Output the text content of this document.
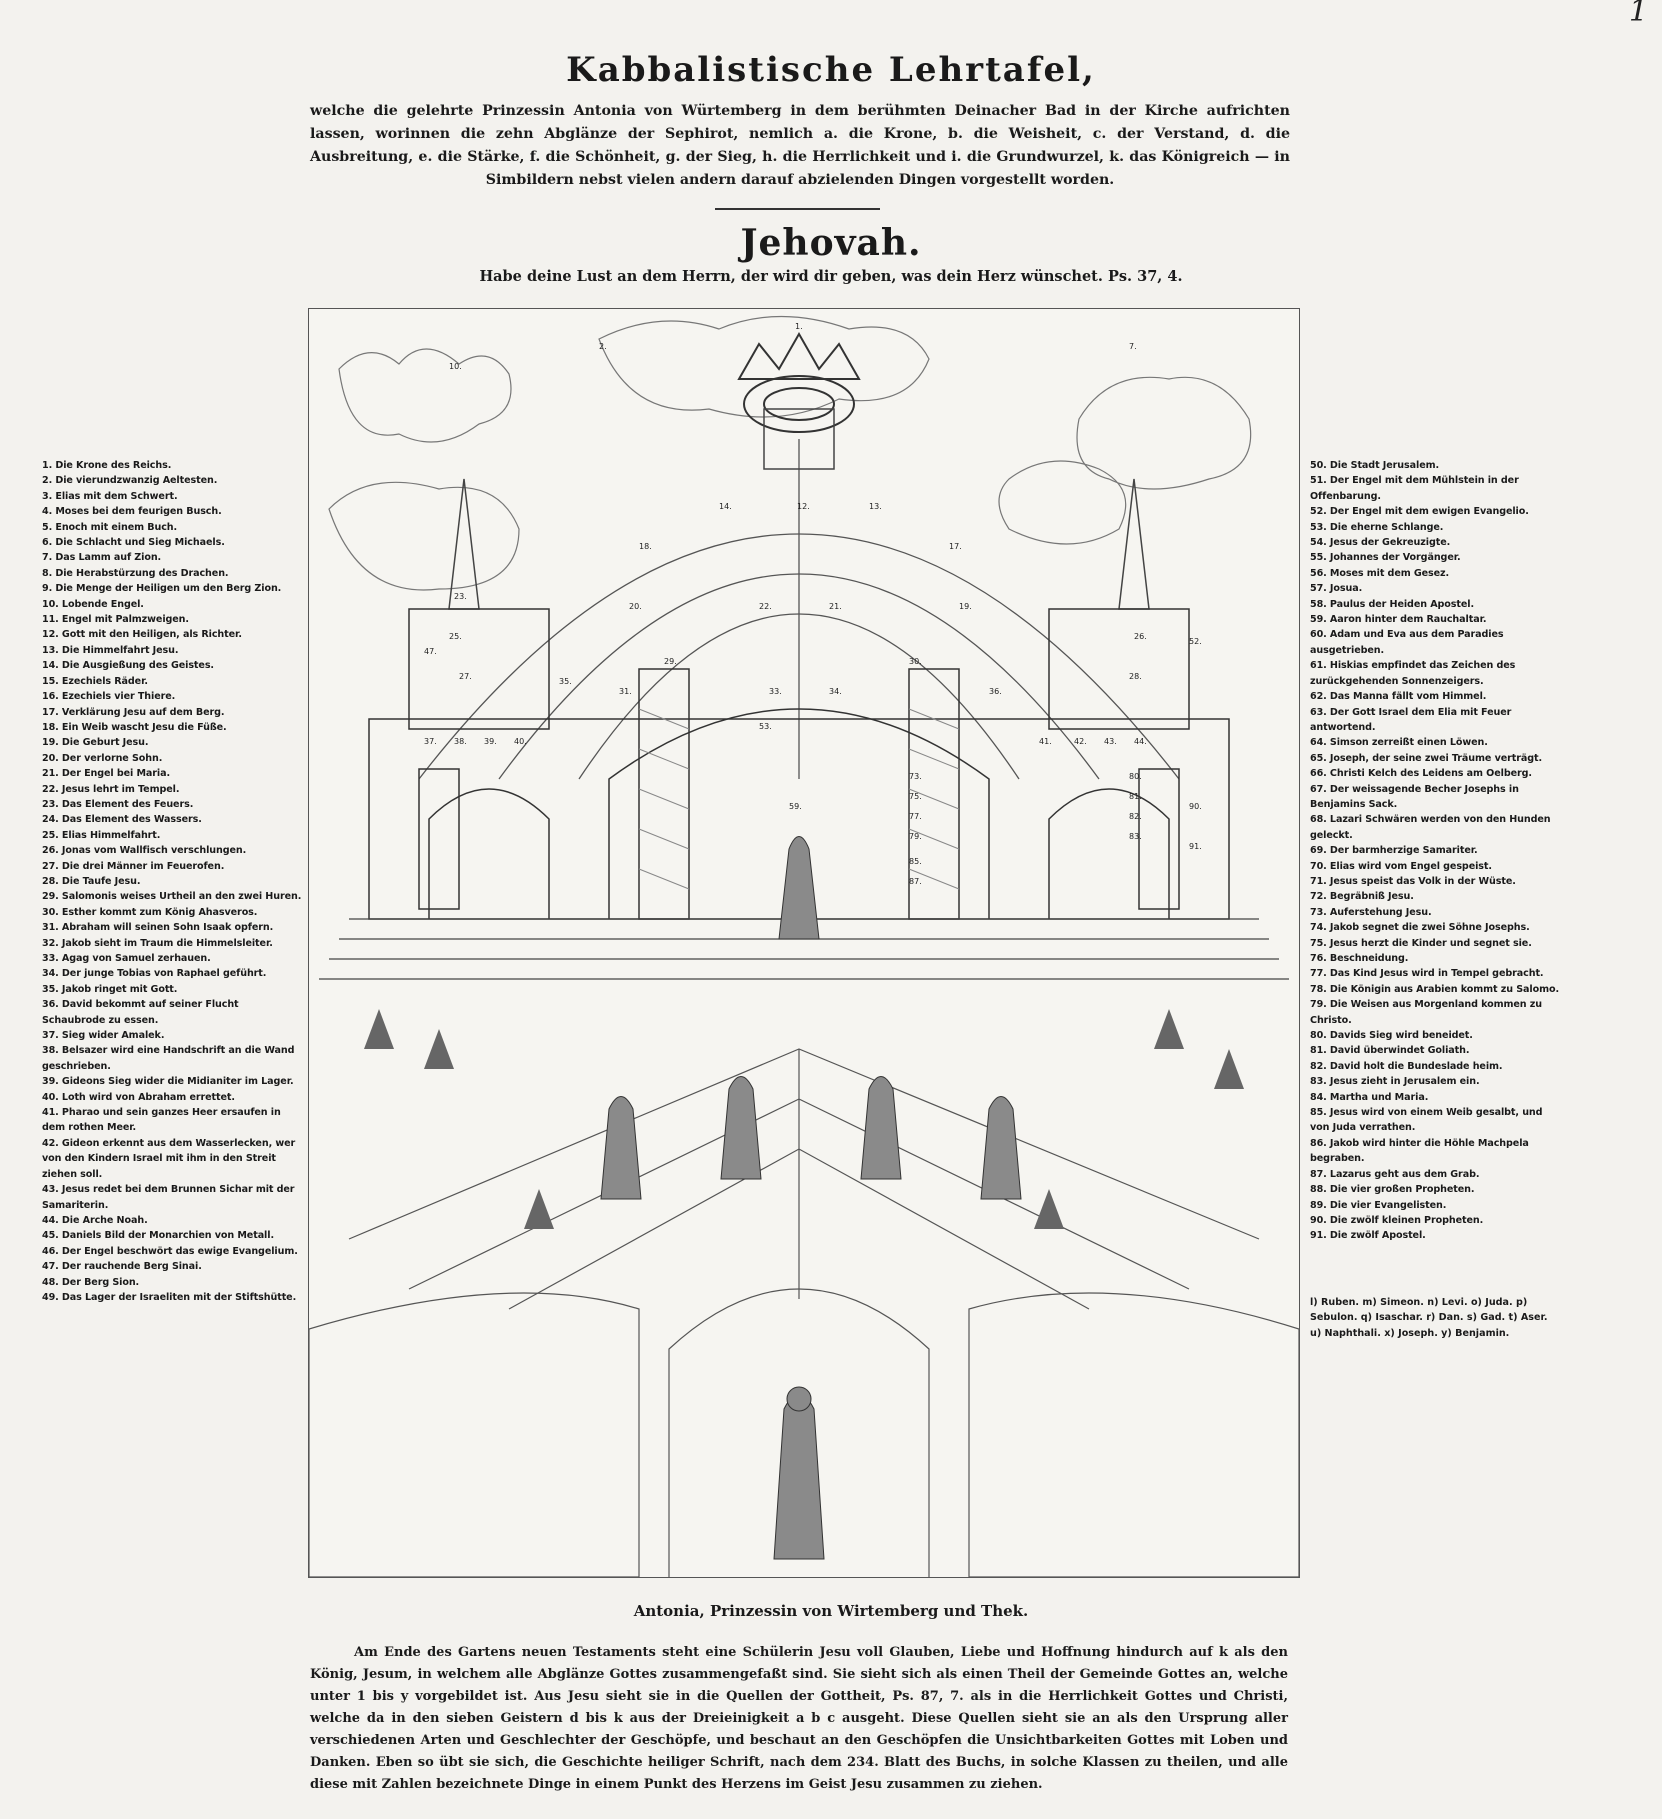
1
Kabbalistische Lehrtafel,
welche die gelehrte Prinzessin Antonia von Würtemberg in dem berühmten Deinacher Bad in der Kirche aufrichten lassen, worinnen die zehn Abglänze der Sephirot, nemlich a. die Krone, b. die Weisheit, c. der Verstand, d. die Ausbreitung, e. die Stärke, f. die Schönheit, g. der Sieg, h. die Herrlichkeit und i. die Grundwurzel, k. das Königreich — in Simbildern nebst vielen andern darauf abzielenden Dingen vorgestellt worden.
Jehovah.
Habe deine Lust an dem Herrn, der wird dir geben, was dein Herz wünschet. Ps. 37, 4.
1. Die Krone des Reichs.
2. Die vierundzwanzig Aeltesten.
3. Elias mit dem Schwert.
4. Moses bei dem feurigen Busch.
5. Enoch mit einem Buch.
6. Die Schlacht und Sieg Michaels.
7. Das Lamm auf Zion.
8. Die Herabstürzung des Drachen.
9. Die Menge der Heiligen um den Berg Zion.
10. Lobende Engel.
11. Engel mit Palmzweigen.
12. Gott mit den Heiligen, als Richter.
13. Die Himmelfahrt Jesu.
14. Die Ausgießung des Geistes.
15. Ezechiels Räder.
16. Ezechiels vier Thiere.
17. Verklärung Jesu auf dem Berg.
18. Ein Weib wascht Jesu die Füße.
19. Die Geburt Jesu.
20. Der verlorne Sohn.
21. Der Engel bei Maria.
22. Jesus lehrt im Tempel.
23. Das Element des Feuers.
24. Das Element des Wassers.
25. Elias Himmelfahrt.
26. Jonas vom Wallfisch verschlungen.
27. Die drei Männer im Feuerofen.
28. Die Taufe Jesu.
29. Salomonis weises Urtheil an den zwei Huren.
30. Esther kommt zum König Ahasveros.
31. Abraham will seinen Sohn Isaak opfern.
32. Jakob sieht im Traum die Himmelsleiter.
33. Agag von Samuel zerhauen.
34. Der junge Tobias von Raphael geführt.
35. Jakob ringet mit Gott.
36. David bekommt auf seiner Flucht Schaubrode zu essen.
37. Sieg wider Amalek.
38. Belsazer wird eine Handschrift an die Wand geschrieben.
39. Gideons Sieg wider die Midianiter im Lager.
40. Loth wird von Abraham errettet.
41. Pharao und sein ganzes Heer ersaufen in dem rothen Meer.
42. Gideon erkennt aus dem Wasserlecken, wer von den Kindern Israel mit ihm in den Streit ziehen soll.
43. Jesus redet bei dem Brunnen Sichar mit der Samariterin.
44. Die Arche Noah.
45. Daniels Bild der Monarchien von Metall.
46. Der Engel beschwört das ewige Evangelium.
47. Der rauchende Berg Sinai.
48. Der Berg Sion.
49. Das Lager der Israeliten mit der Stiftshütte.
50. Die Stadt Jerusalem.
51. Der Engel mit dem Mühlstein in der Offenbarung.
52. Der Engel mit dem ewigen Evangelio.
53. Die eherne Schlange.
54. Jesus der Gekreuzigte.
55. Johannes der Vorgänger.
56. Moses mit dem Gesez.
57. Josua.
58. Paulus der Heiden Apostel.
59. Aaron hinter dem Rauchaltar.
60. Adam und Eva aus dem Paradies ausgetrieben.
61. Hiskias empfindet das Zeichen des zurückgehenden Sonnenzeigers.
62. Das Manna fällt vom Himmel.
63. Der Gott Israel dem Elia mit Feuer antwortend.
64. Simson zerreißt einen Löwen.
65. Joseph, der seine zwei Träume verträgt.
66. Christi Kelch des Leidens am Oelberg.
67. Der weissagende Becher Josephs in Benjamins Sack.
68. Lazari Schwären werden von den Hunden geleckt.
69. Der barmherzige Samariter.
70. Elias wird vom Engel gespeist.
71. Jesus speist das Volk in der Wüste.
72. Begräbniß Jesu.
73. Auferstehung Jesu.
74. Jakob segnet die zwei Söhne Josephs.
75. Jesus herzt die Kinder und segnet sie.
76. Beschneidung.
77. Das Kind Jesus wird in Tempel gebracht.
78. Die Königin aus Arabien kommt zu Salomo.
79. Die Weisen aus Morgenland kommen zu Christo.
80. Davids Sieg wird beneidet.
81. David überwindet Goliath.
82. David holt die Bundeslade heim.
83. Jesus zieht in Jerusalem ein.
84. Martha und Maria.
85. Jesus wird von einem Weib gesalbt, und von Juda verrathen.
86. Jakob wird hinter die Höhle Machpela begraben.
87. Lazarus geht aus dem Grab.
88. Die vier großen Propheten.
89. Die vier Evangelisten.
90. Die zwölf kleinen Propheten.
91. Die zwölf Apostel.
l) Ruben. m) Simeon. n) Levi. o) Juda. p) Sebulon. q) Isaschar. r) Dan. s) Gad. t) Aser. u) Naphthali. x) Joseph. y) Benjamin.
1.
2.	7.
10.
12.	13.
14.
17.
18.
19.
20.	21.
22.
23.
25.	26.
27.	28.
29.	30.
31.	33.	34.
35.
36.
37. 38. 39. 40.	41.	42. 43. 44.
47.
52.
53.
59.
73.
75.
77.
79.
80.
81.
82.
83.
85.
87.
90.
91.
Antonia, Prinzessin von Wirtemberg und Thek.

Am Ende des Gartens neuen Testaments steht eine Schülerin Jesu voll Glauben, Liebe und Hoffnung hindurch auf k als den König, Jesum, in welchem alle Abglänze Gottes zusammengefaßt sind. Sie sieht sich als einen Theil der Gemeinde Gottes an, welche unter 1 bis y vorgebildet ist. Aus Jesu sieht sie in die Quellen der Gottheit, Ps. 87, 7. als in die Herrlichkeit Gottes und Christi, welche da in den sieben Geistern d bis k aus der Dreieinigkeit a b c ausgeht. Diese Quellen sieht sie an als den Ursprung aller verschiedenen Arten und Geschlechter der Geschöpfe, und beschaut an den Geschöpfen die Unsichtbarkeiten Gottes mit Loben und Danken. Eben so übt sie sich, die Geschichte heiliger Schrift, nach dem 234. Blatt des Buchs, in solche Klassen zu theilen, und alle diese mit Zahlen bezeichnete Dinge in einem Punkt des Herzens im Geist Jesu zusammen zu ziehen.
